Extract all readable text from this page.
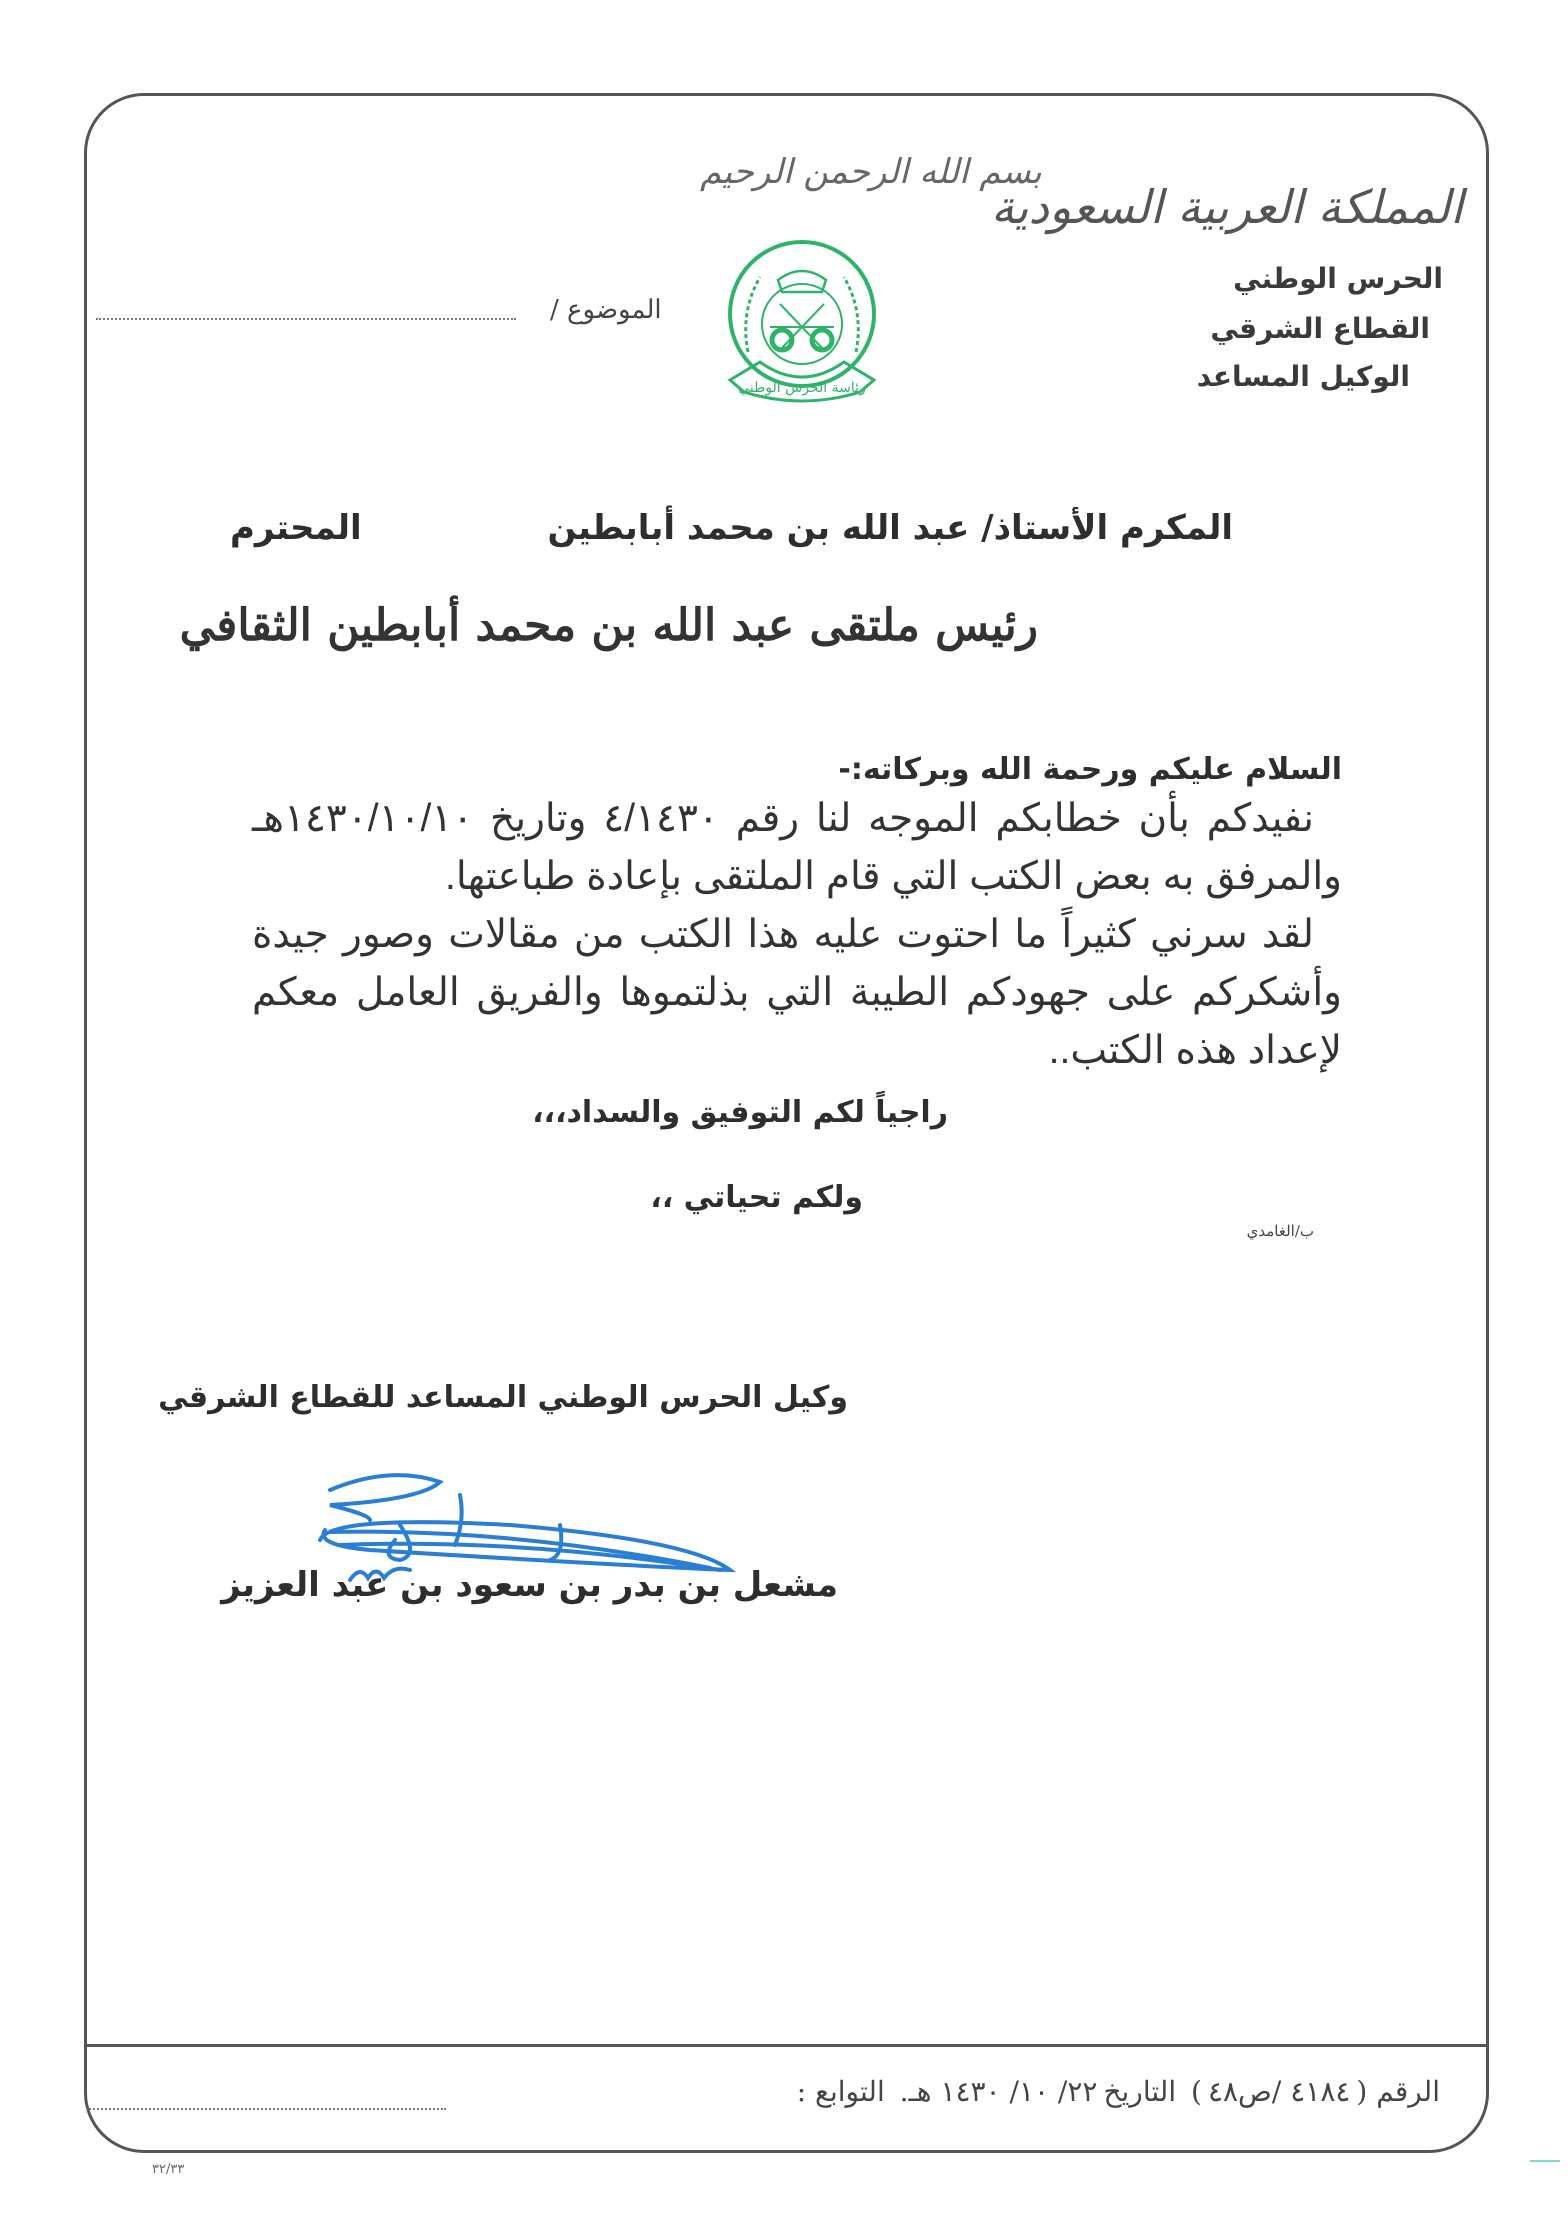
المملكة العربية السعودية
الحرس الوطني
القطاع الشرقي
الوكيل المساعد
بسم الله الرحمن الرحيم
رئاسة الحرس الوطني
الموضوع /
المكرم الأستاذ/ عبد الله بن محمد أبابطين
المحترم
رئيس ملتقى عبد الله بن محمد أبابطين الثقافي
السلام عليكم ورحمة الله وبركاته:-

نفيدكم بأن خطابكم الموجه لنا رقم ٤/١٤٣٠ وتاريخ ١٤٣٠/١٠/١٠هـ والمرفق به بعض الكتب التي قام الملتقى بإعادة طباعتها.

لقد سرني كثيراً ما احتوت عليه هذا الكتب من مقالات وصور جيدة وأشكركم على جهودكم الطيبة التي بذلتموها والفريق العامل معكم لإعداد هذه الكتب..

راجياً لكم التوفيق والسداد،،،
ولكم تحياتي ،،
ب/الغامدي
وكيل الحرس الوطني المساعد للقطاع الشرقي
مشعل بن بدر بن سعود بن عبد العزيز
الرقم (٤١٨٤ /ص٤٨) التاريخ٢٢/ ١٠/ ١٤٣٠ هـ. التوابع :
٣٢/٣٣
